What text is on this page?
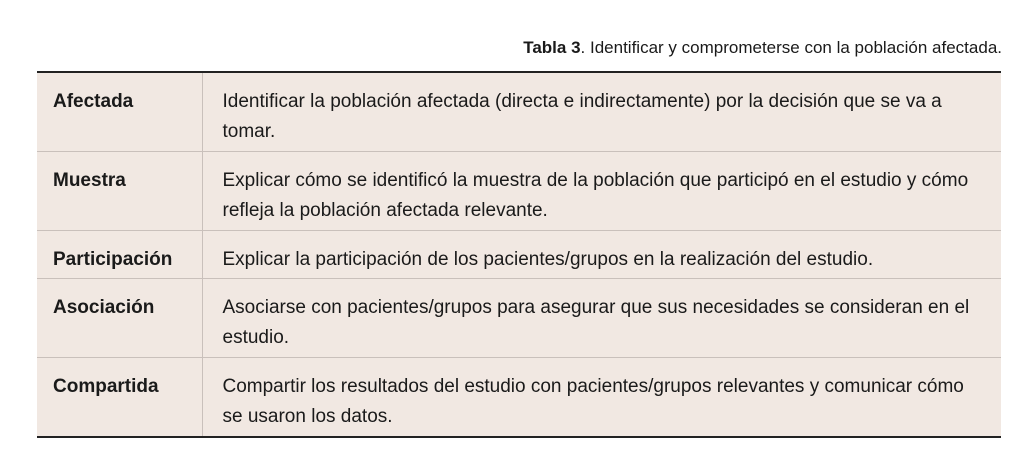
Tabla 3. Identificar y comprometerse con la población afectada.
Afectada	Identificar la población afectada (directa e indirectamente) por la decisión que se va a tomar.
Muestra	Explicar cómo se identificó la muestra de la población que participó en el estudio y cómo refleja la población afectada relevante.
Participación	Explicar la participación de los pacientes/grupos en la realización del estudio.
Asociación	Asociarse con pacientes/grupos para asegurar que sus necesidades se consideran en el estudio.
Compartida	Compartir los resultados del estudio con pacientes/grupos relevantes y comunicar cómo se usaron los datos.
